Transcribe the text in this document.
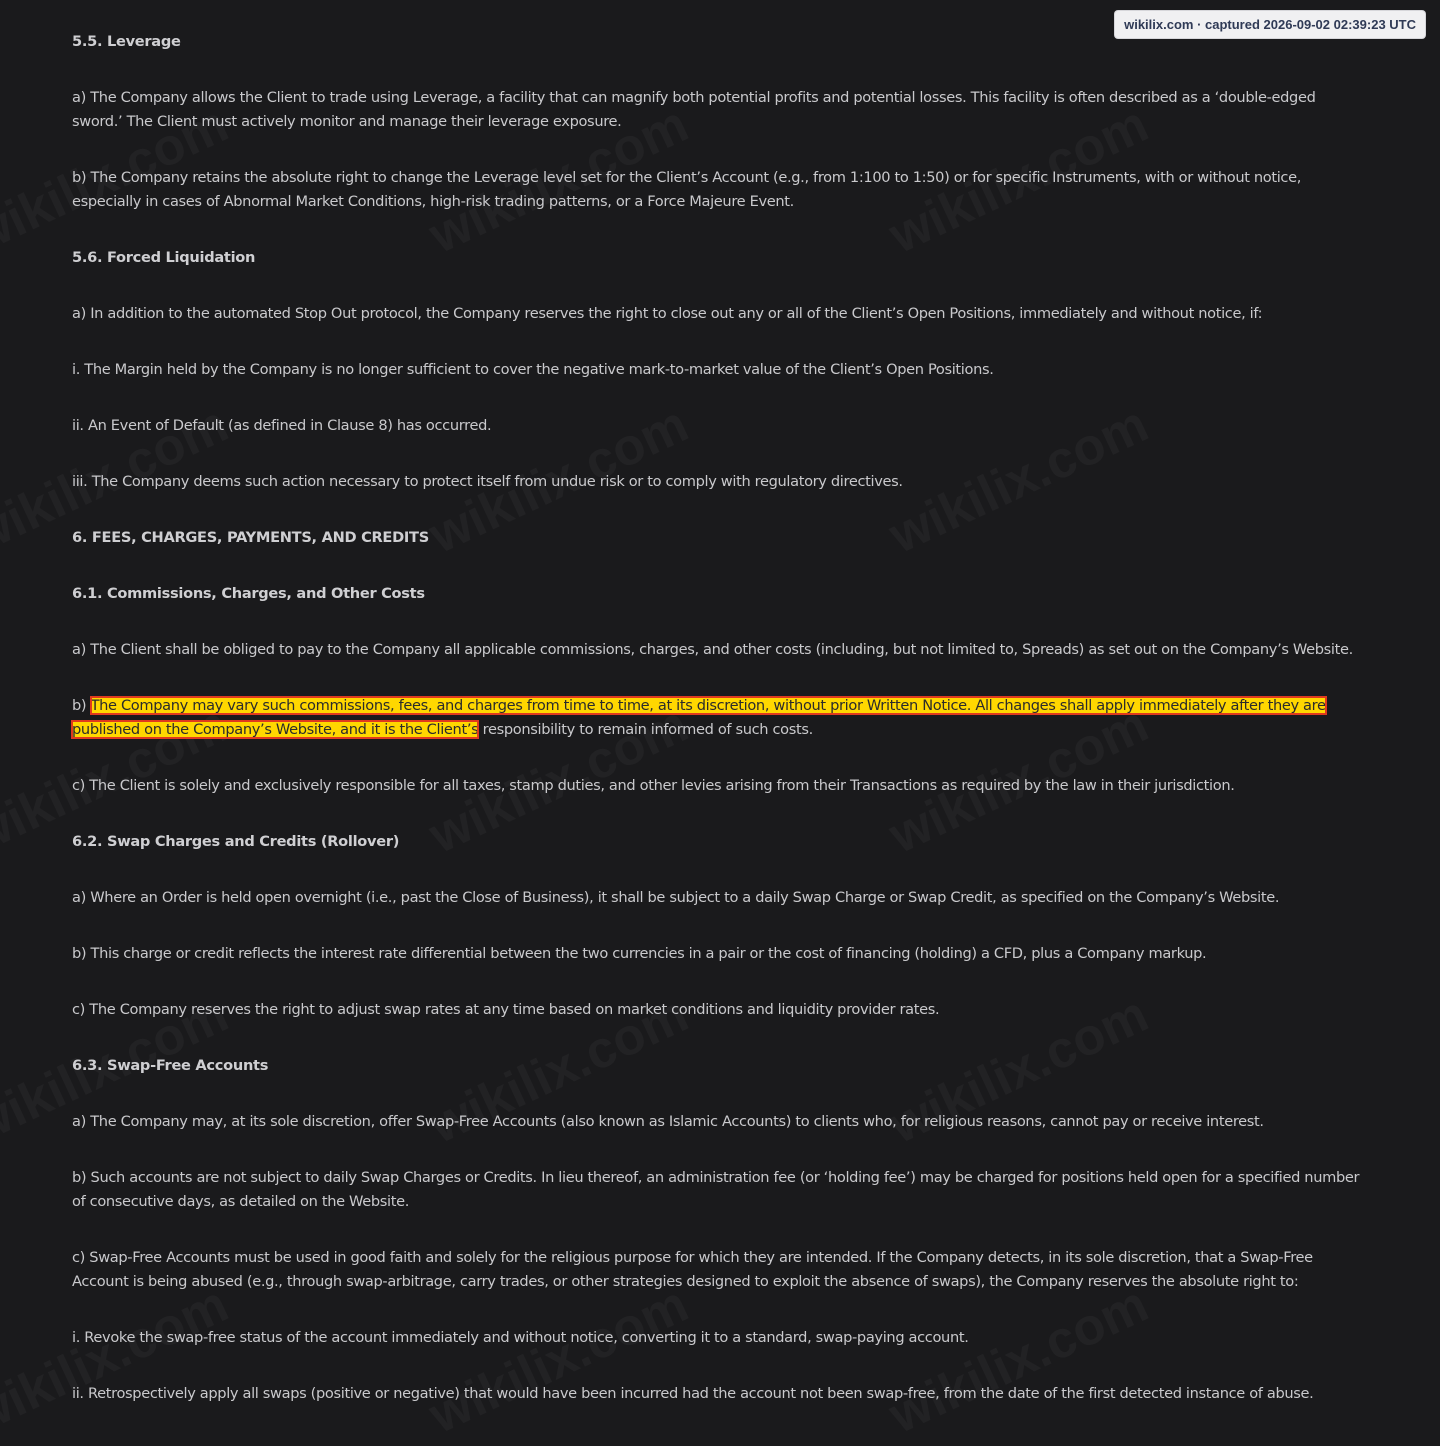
wikilix.com · captured 2026-09-02 02:39:23 UTC

5.5. Leverage

a) The Company allows the Client to trade using Leverage, a facility that can magnify both potential profits and potential losses. This facility is often described as a ‘double-edged sword.’ The Client must actively monitor and manage their leverage exposure.

b) The Company retains the absolute right to change the Leverage level set for the Client’s Account (e.g., from 1:100 to 1:50) or for specific Instruments, with or without notice, especially in cases of Abnormal Market Conditions, high-risk trading patterns, or a Force Majeure Event.

5.6. Forced Liquidation

a) In addition to the automated Stop Out protocol, the Company reserves the right to close out any or all of the Client’s Open Positions, immediately and without notice, if:

i. The Margin held by the Company is no longer sufficient to cover the negative mark-to-market value of the Client’s Open Positions.

ii. An Event of Default (as defined in Clause 8) has occurred.

iii. The Company deems such action necessary to protect itself from undue risk or to comply with regulatory directives.

6. FEES, CHARGES, PAYMENTS, AND CREDITS

6.1. Commissions, Charges, and Other Costs

a) The Client shall be obliged to pay to the Company all applicable commissions, charges, and other costs (including, but not limited to, Spreads) as set out on the Company’s Website.

b) The Company may vary such commissions, fees, and charges from time to time, at its discretion, without prior Written Notice. All changes shall apply immediately after they are published on the Company’s Website, and it is the Client’s responsibility to remain informed of such costs.

c) The Client is solely and exclusively responsible for all taxes, stamp duties, and other levies arising from their Transactions as required by the law in their jurisdiction.

6.2. Swap Charges and Credits (Rollover)

a) Where an Order is held open overnight (i.e., past the Close of Business), it shall be subject to a daily Swap Charge or Swap Credit, as specified on the Company’s Website.

b) This charge or credit reflects the interest rate differential between the two currencies in a pair or the cost of financing (holding) a CFD, plus a Company markup.

c) The Company reserves the right to adjust swap rates at any time based on market conditions and liquidity provider rates.

6.3. Swap-Free Accounts

a) The Company may, at its sole discretion, offer Swap-Free Accounts (also known as Islamic Accounts) to clients who, for religious reasons, cannot pay or receive interest.

b) Such accounts are not subject to daily Swap Charges or Credits. In lieu thereof, an administration fee (or ‘holding fee’) may be charged for positions held open for a specified number of consecutive days, as detailed on the Website.

c) Swap-Free Accounts must be used in good faith and solely for the religious purpose for which they are intended. If the Company detects, in its sole discretion, that a Swap-Free Account is being abused (e.g., through swap-arbitrage, carry trades, or other strategies designed to exploit the absence of swaps), the Company reserves the absolute right to:

i. Revoke the swap-free status of the account immediately and without notice, converting it to a standard, swap-paying account.

ii. Retrospectively apply all swaps (positive or negative) that would have been incurred had the account not been swap-free, from the date of the first detected instance of abuse.
